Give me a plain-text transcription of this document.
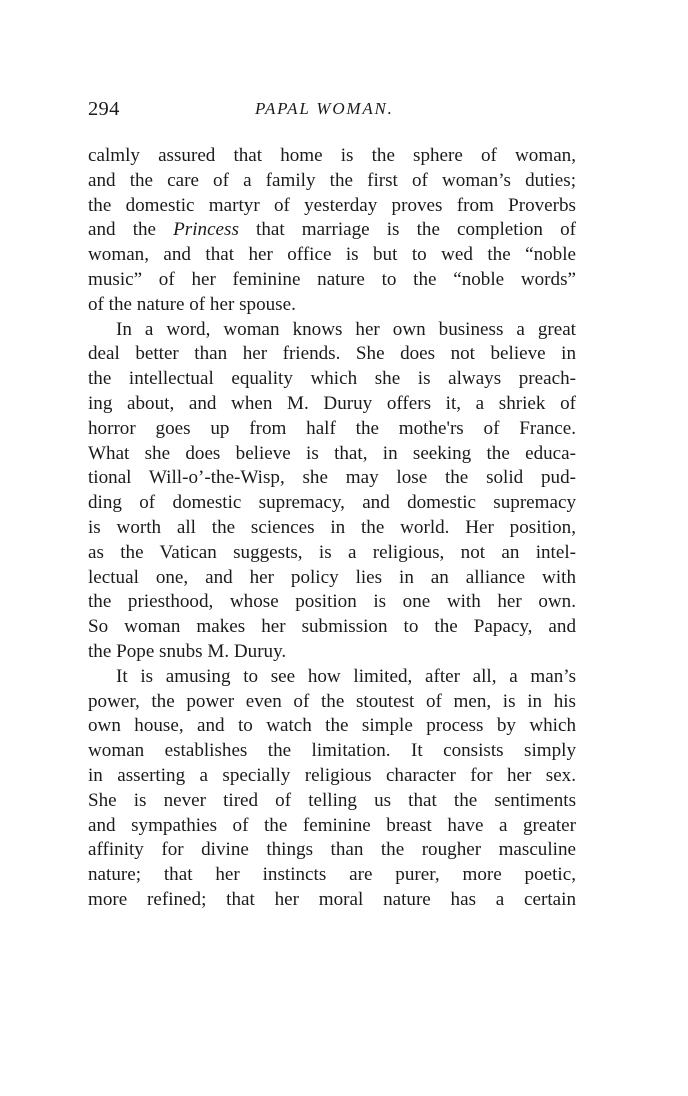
294	PAPAL WOMAN.
calmly assured that home is the sphere of woman,
and the care of a family the first of woman’s duties;
the domestic martyr of yesterday proves from Proverbs
and the Princess that marriage is the completion of
woman, and that her office is but to wed the “noble
music” of her feminine nature to the “noble words”
of the nature of her spouse.
In a word, woman knows her own business a great
deal better than her friends. She does not believe in
the intellectual equality which she is always preach-
ing about, and when M. Duruy offers it, a shriek of
horror goes up from half the mothe'rs of France.
What she does believe is that, in seeking the educa-
tional Will-o’-the-Wisp, she may lose the solid pud-
ding of domestic supremacy, and domestic supremacy
is worth all the sciences in the world. Her position,
as the Vatican suggests, is a religious, not an intel-
lectual one, and her policy lies in an alliance with
the priesthood, whose position is one with her own.
So woman makes her submission to the Papacy, and
the Pope snubs M. Duruy.
It is amusing to see how limited, after all, a man’s
power, the power even of the stoutest of men, is in his
own house, and to watch the simple process by which
woman establishes the limitation. It consists simply
in asserting a specially religious character for her sex.
She is never tired of telling us that the sentiments
and sympathies of the feminine breast have a greater
affinity for divine things than the rougher masculine
nature; that her instincts are purer, more poetic,
more refined; that her moral nature has a certain
